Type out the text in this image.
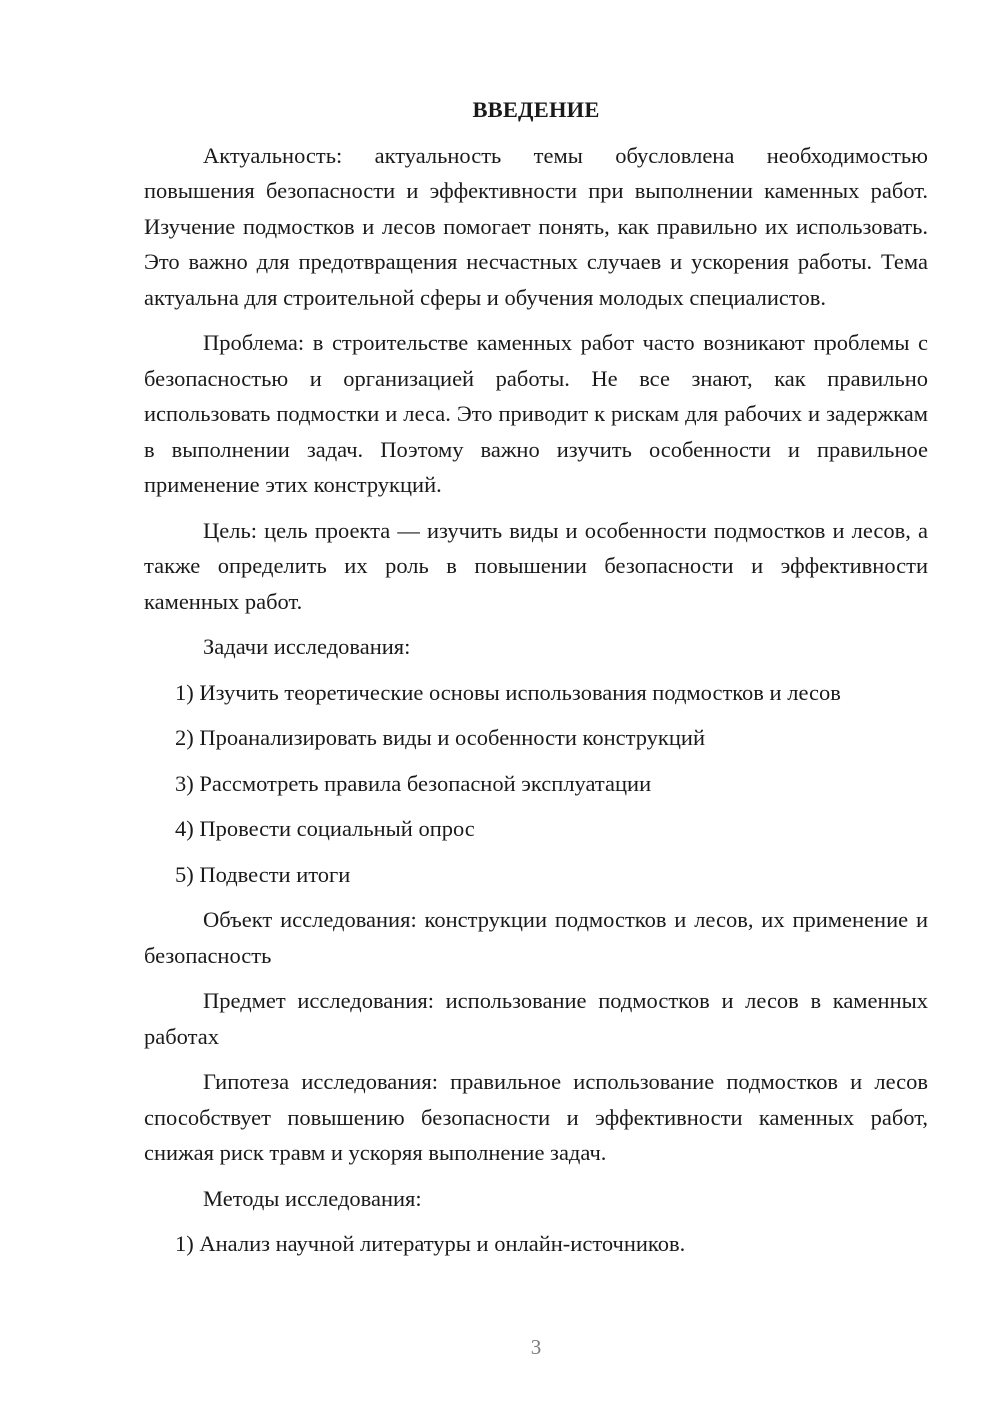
ВВЕДЕНИЕ

Актуальность: актуальность темы обусловлена необходимостью повышения безопасности и эффективности при выполнении каменных работ. Изучение подмостков и лесов помогает понять, как правильно их использовать. Это важно для предотвращения несчастных случаев и ускорения работы. Тема актуальна для строительной сферы и обучения молодых специалистов.

Проблема: в строительстве каменных работ часто возникают проблемы с безопасностью и организацией работы. Не все знают, как правильно использовать подмостки и леса. Это приводит к рискам для рабочих и задержкам в выполнении задач. Поэтому важно изучить особенности и правильное применение этих конструкций.

Цель: цель проекта — изучить виды и особенности подмостков и лесов, а также определить их роль в повышении безопасности и эффективности каменных работ.

Задачи исследования:

1) Изучить теоретические основы использования подмостков и лесов
2) Проанализировать виды и особенности конструкций
3) Рассмотреть правила безопасной эксплуатации
4) Провести социальный опрос
5) Подвести итоги

Объект исследования: конструкции подмостков и лесов, их применение и безопасность

Предмет исследования: использование подмостков и лесов в каменных работах

Гипотеза исследования: правильное использование подмостков и лесов способствует повышению безопасности и эффективности каменных работ, снижая риск травм и ускоряя выполнение задач.

Методы исследования:

1) Анализ научной литературы и онлайн-источников.
3
